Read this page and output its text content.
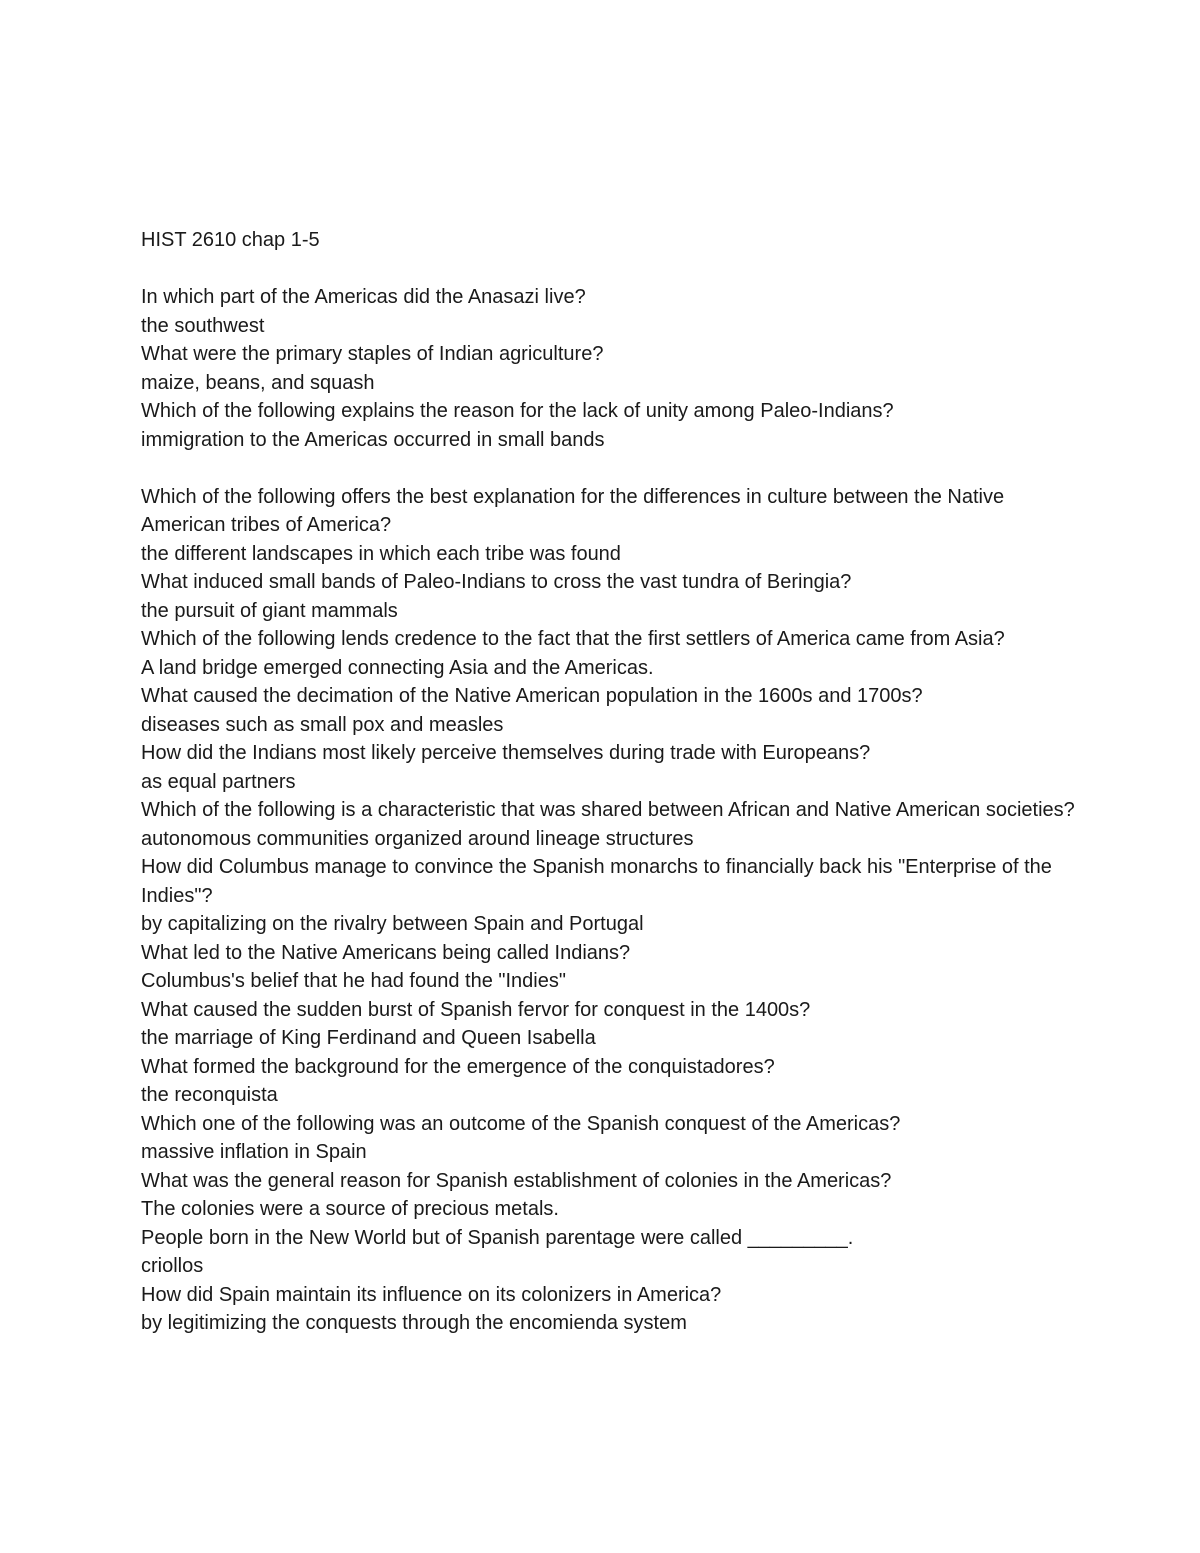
HIST 2610 chap 1-5
In which part of the Americas did the Anasazi live?
the southwest
What were the primary staples of Indian agriculture?
maize, beans, and squash
Which of the following explains the reason for the lack of unity among Paleo-Indians?
immigration to the Americas occurred in small bands
Which of the following offers the best explanation for the differences in culture between the Native American tribes of America?
the different landscapes in which each tribe was found
What induced small bands of Paleo-Indians to cross the vast tundra of Beringia?
the pursuit of giant mammals
Which of the following lends credence to the fact that the first settlers of America came from Asia?
A land bridge emerged connecting Asia and the Americas.
What caused the decimation of the Native American population in the 1600s and 1700s?
diseases such as small pox and measles
How did the Indians most likely perceive themselves during trade with Europeans?
as equal partners
Which of the following is a characteristic that was shared between African and Native American societies?
autonomous communities organized around lineage structures
How did Columbus manage to convince the Spanish monarchs to financially back his "Enterprise of the Indies"?
by capitalizing on the rivalry between Spain and Portugal
What led to the Native Americans being called Indians?
Columbus's belief that he had found the "Indies"
What caused the sudden burst of Spanish fervor for conquest in the 1400s?
the marriage of King Ferdinand and Queen Isabella
What formed the background for the emergence of the conquistadores?
the reconquista
Which one of the following was an outcome of the Spanish conquest of the Americas?
massive inflation in Spain
What was the general reason for Spanish establishment of colonies in the Americas?
The colonies were a source of precious metals.
People born in the New World but of Spanish parentage were called _________.
criollos
How did Spain maintain its influence on its colonizers in America?
by legitimizing the conquests through the encomienda system
